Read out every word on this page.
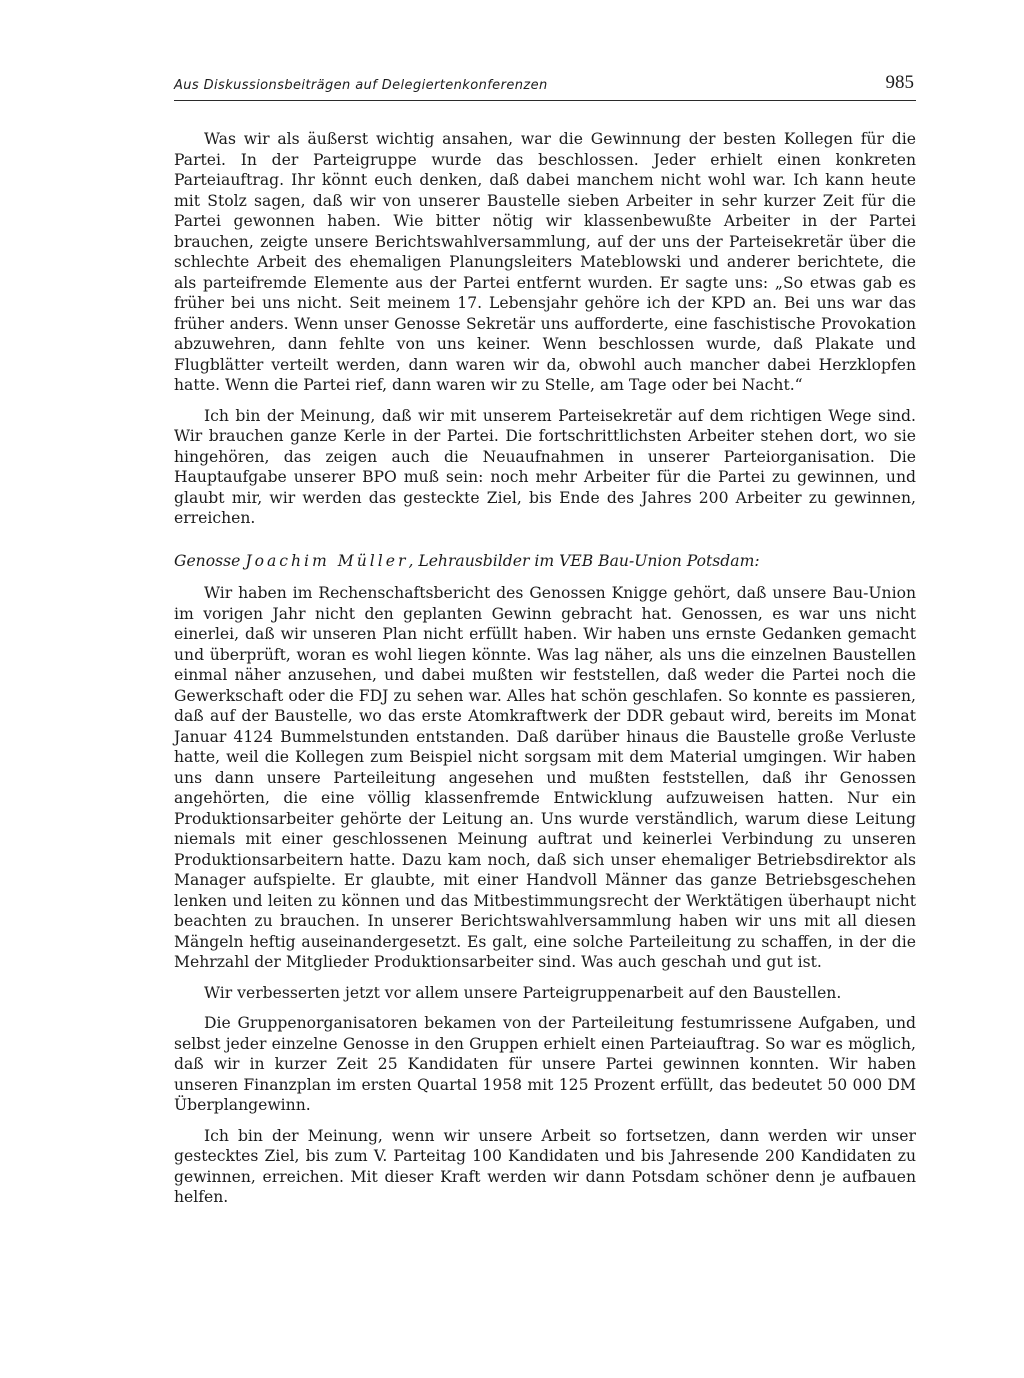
Aus Diskussionsbeiträgen auf Delegiertenkonferenzen	985

Was wir als äußerst wichtig ansahen, war die Gewinnung der besten Kollegen für die Partei. In der Parteigruppe wurde das beschlossen. Jeder erhielt einen konkreten Parteiauftrag. Ihr könnt euch denken, daß dabei manchem nicht wohl war. Ich kann heute mit Stolz sagen, daß wir von unserer Baustelle sieben Arbeiter in sehr kurzer Zeit für die Partei gewonnen haben. Wie bitter nötig wir klassenbewußte Arbeiter in der Partei brauchen, zeigte unsere Berichtswahlversammlung, auf der uns der Parteisekretär über die schlechte Arbeit des ehemaligen Planungsleiters Mateblowski und anderer berichtete, die als parteifremde Elemente aus der Partei entfernt wurden. Er sagte uns: „So etwas gab es früher bei uns nicht. Seit meinem 17. Lebensjahr gehöre ich der KPD an. Bei uns war das früher anders. Wenn unser Genosse Sekretär uns aufforderte, eine faschistische Provokation abzuwehren, dann fehlte von uns keiner. Wenn beschlossen wurde, daß Plakate und Flugblätter verteilt werden, dann waren wir da, obwohl auch mancher dabei Herzklopfen hatte. Wenn die Partei rief, dann waren wir zu Stelle, am Tage oder bei Nacht.“

Ich bin der Meinung, daß wir mit unserem Parteisekretär auf dem richtigen Wege sind. Wir brauchen ganze Kerle in der Partei. Die fortschrittlichsten Arbeiter stehen dort, wo sie hingehören, das zeigen auch die Neuaufnahmen in unserer Parteiorganisation. Die Hauptaufgabe unserer BPO muß sein: noch mehr Arbeiter für die Partei zu gewinnen, und glaubt mir, wir werden das gesteckte Ziel, bis Ende des Jahres 200 Arbeiter zu gewinnen, erreichen.

Genosse Joachim Müller, Lehrausbilder im VEB Bau-Union Potsdam:

Wir haben im Rechenschaftsbericht des Genossen Knigge gehört, daß unsere Bau-Union im vorigen Jahr nicht den geplanten Gewinn gebracht hat. Genossen, es war uns nicht einerlei, daß wir unseren Plan nicht erfüllt haben. Wir haben uns ernste Gedanken gemacht und überprüft, woran es wohl liegen könnte. Was lag näher, als uns die einzelnen Baustellen einmal näher anzusehen, und dabei mußten wir feststellen, daß weder die Partei noch die Gewerkschaft oder die FDJ zu sehen war. Alles hat schön geschlafen. So konnte es passieren, daß auf der Baustelle, wo das erste Atomkraftwerk der DDR gebaut wird, bereits im Monat Januar 4124 Bummelstunden entstanden. Daß darüber hinaus die Baustelle große Verluste hatte, weil die Kollegen zum Beispiel nicht sorgsam mit dem Material umgingen. Wir haben uns dann unsere Parteileitung angesehen und mußten feststellen, daß ihr Genossen angehörten, die eine völlig klassenfremde Entwicklung aufzuweisen hatten. Nur ein Produktionsarbeiter gehörte der Leitung an. Uns wurde verständlich, warum diese Leitung niemals mit einer geschlossenen Meinung auftrat und keinerlei Verbindung zu unseren Produktionsarbeitern hatte. Dazu kam noch, daß sich unser ehemaliger Betriebsdirektor als Manager aufspielte. Er glaubte, mit einer Handvoll Männer das ganze Betriebsgeschehen lenken und leiten zu können und das Mitbestimmungsrecht der Werktätigen überhaupt nicht beachten zu brauchen. In unserer Berichtswahlversammlung haben wir uns mit all diesen Mängeln heftig auseinandergesetzt. Es galt, eine solche Parteileitung zu schaffen, in der die Mehrzahl der Mitglieder Produktionsarbeiter sind. Was auch geschah und gut ist.

Wir verbesserten jetzt vor allem unsere Parteigruppenarbeit auf den Baustellen.

Die Gruppenorganisatoren bekamen von der Parteileitung festumrissene Aufgaben, und selbst jeder einzelne Genosse in den Gruppen erhielt einen Parteiauftrag. So war es möglich, daß wir in kurzer Zeit 25 Kandidaten für unsere Partei gewinnen konnten. Wir haben unseren Finanzplan im ersten Quartal 1958 mit 125 Prozent erfüllt, das bedeutet 50 000 DM Überplangewinn.

Ich bin der Meinung, wenn wir unsere Arbeit so fortsetzen, dann werden wir unser gestecktes Ziel, bis zum V. Parteitag 100 Kandidaten und bis Jahresende 200 Kandidaten zu gewinnen, erreichen. Mit dieser Kraft werden wir dann Potsdam schöner denn je aufbauen helfen.
